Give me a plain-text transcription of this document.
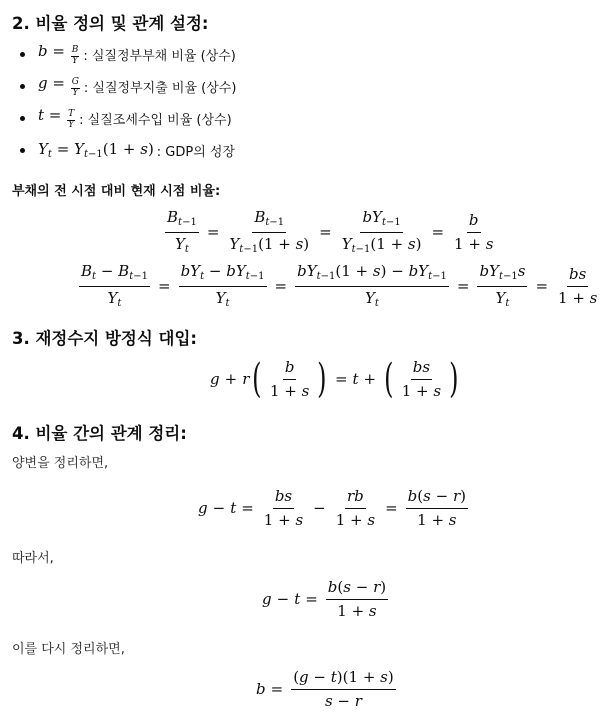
2. 비율 정의 및 관계 설정:
$b = \frac{B}{Y}$ : 실질정부부채 비율 (상수)
$g = \frac{G}{Y}$ : 실질정부지출 비율 (상수)
$t = \frac{T}{Y}$ : 실질조세수입 비율 (상수)
$Y_t = Y_{t-1}(1 + s)$ : GDP의 성장
부채의 전 시점 대비 현재 시점 비율:
$\frac{B_{t-1}}{Y_t} = \frac{B_{t-1}}{Y_{t-1}(1 + s)} = \frac{bY_{t-1}}{Y_{t-1}(1 + s)} = \frac{b}{1 + s}$
$\frac{B_t - B_{t-1}}{Y_t} = \frac{bY_t - bY_{t-1}}{Y_t} = \frac{bY_{t-1}(1 + s) - bY_{t-1}}{Y_t} = \frac{bY_{t-1}s}{Y_t} = \frac{bs}{1 + s}$
3. 재정수지 방정식 대입:
g + r ( $\frac{b}{1 + s}$ ) = t + ( $\frac{bs}{1 + s}$ )
4. 비율 간의 관계 정리:

양변을 정리하면,

$g - t = \frac{bs}{1 + s} - \frac{rb}{1 + s} = \frac{b(s - r)}{1 + s}$

따라서,

$g - t = \frac{b(s - r)}{1 + s}$

이를 다시 정리하면,

$b = \frac{(g - t)(1 + s)}{s - r}$
